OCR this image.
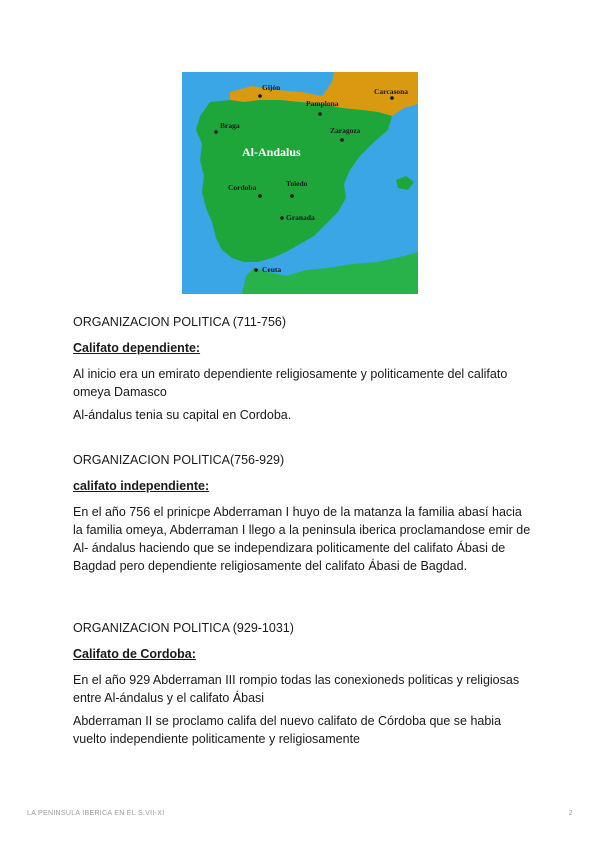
Al-Andalus
Gijón
Pamplona
Carcasona
Braga
Zaragoza
Toledo
Cordoba
Granada
Ceuta

ORGANIZACION POLITICA (711-756)

Califato dependiente:

Al inicio era un emirato dependiente religiosamente y politicamente del califato omeya Damasco

Al-ándalus tenia su capital en Cordoba.

ORGANIZACION POLITICA(756-929)

califato independiente:

En el año 756 el prinicpe Abderraman I huyo de la matanza la familia abasí hacia la familia omeya, Abderraman I llego a la peninsula iberica proclamandose emir de Al- ándalus haciendo que se independizara politicamente del califato Ábasi de Bagdad pero dependiente religiosamente del califato Ábasi de Bagdad.

ORGANIZACION POLITICA (929-1031)

Califato de Cordoba:

En el año 929 Abderraman III rompio todas las conexioneds politicas y religiosas entre Al-ándalus y el califato Ábasi

Abderraman II se proclamo califa del nuevo califato de Córdoba que se habia vuelto independiente politicamente y religiosamente

LA PENINSULA IBERICA EN EL S.VII-XI	2
